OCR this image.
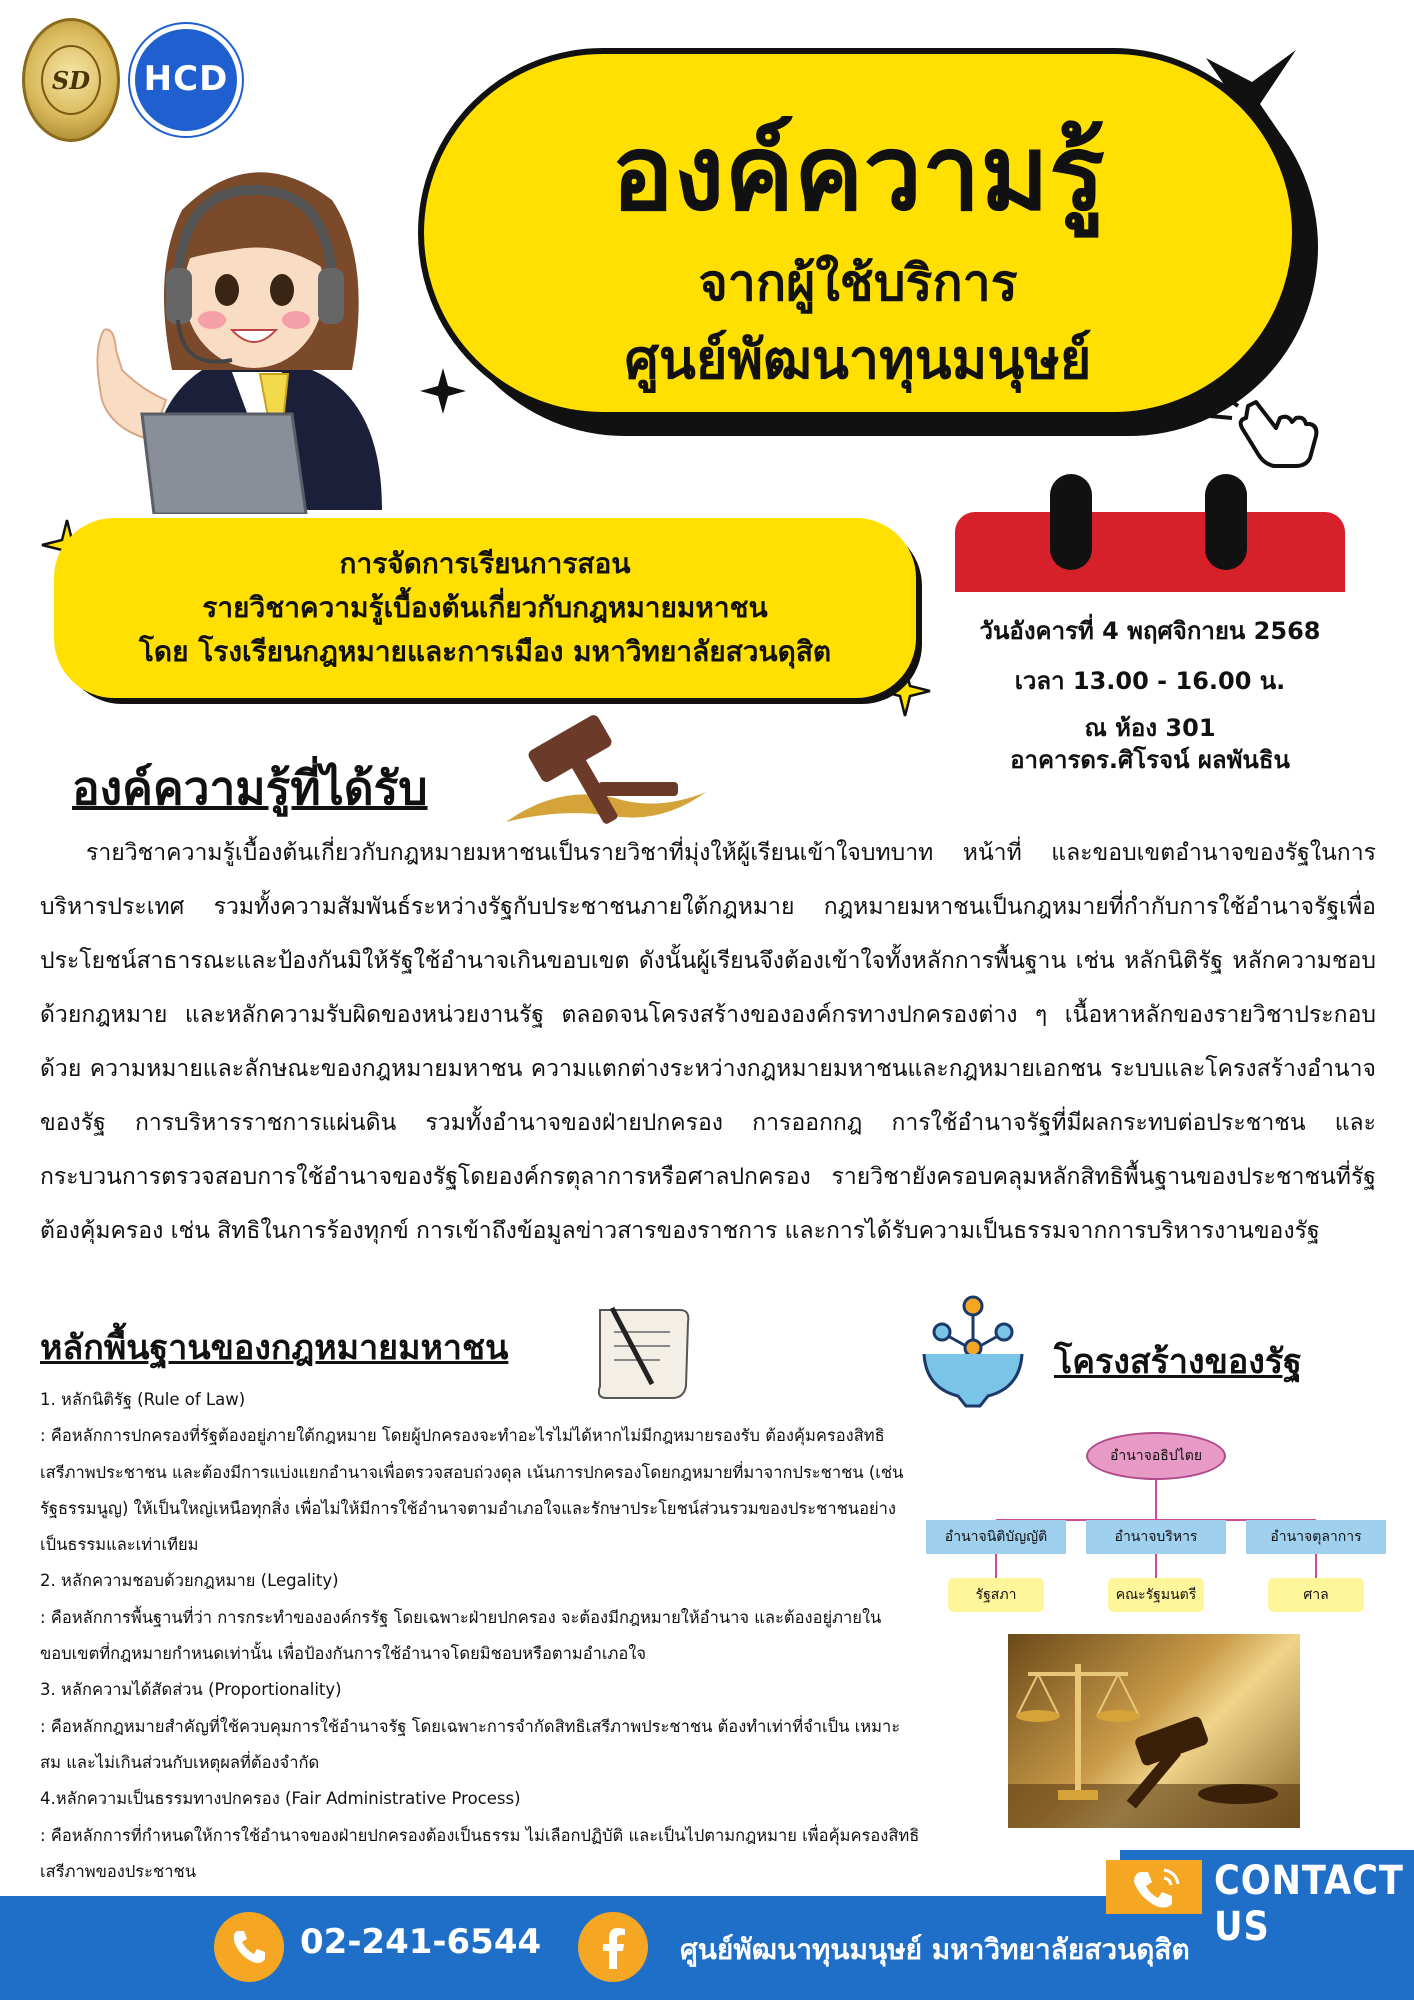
SD	HCD
องค์ความรู้
จากผู้ใช้บริการ
ศูนย์พัฒนาทุนมนุษย์
การจัดการเรียนการสอน
รายวิชาความรู้เบื้องต้นเกี่ยวกับกฎหมายมหาชน
โดย โรงเรียนกฎหมายและการเมือง มหาวิทยาลัยสวนดุสิต
วันอังคารที่ 4 พฤศจิกายน 2568
เวลา 13.00 - 16.00 น.
ณ ห้อง 301
อาคารดร.ศิโรจน์ ผลพันธิน
องค์ความรู้ที่ได้รับ
รายวิชาความรู้เบื้องต้นเกี่ยวกับกฎหมายมหาชนเป็นรายวิชาที่มุ่งให้ผู้เรียนเข้าใจบทบาท หน้าที่ และขอบเขตอำนาจของรัฐในการบริหารประเทศ รวมทั้งความสัมพันธ์ระหว่างรัฐกับประชาชนภายใต้กฎหมาย กฎหมายมหาชนเป็นกฎหมายที่กำกับการใช้อำนาจรัฐเพื่อประโยชน์สาธารณะและป้องกันมิให้รัฐใช้อำนาจเกินขอบเขต ดังนั้นผู้เรียนจึงต้องเข้าใจทั้งหลักการพื้นฐาน เช่น หลักนิติรัฐ หลักความชอบด้วยกฎหมาย และหลักความรับผิดของหน่วยงานรัฐ ตลอดจนโครงสร้างขององค์กรทางปกครองต่าง ๆ เนื้อหาหลักของรายวิชาประกอบด้วย ความหมายและลักษณะของกฎหมายมหาชน ความแตกต่างระหว่างกฎหมายมหาชนและกฎหมายเอกชน ระบบและโครงสร้างอำนาจของรัฐ การบริหารราชการแผ่นดิน รวมทั้งอำนาจของฝ่ายปกครอง การออกกฎ การใช้อำนาจรัฐที่มีผลกระทบต่อประชาชน และกระบวนการตรวจสอบการใช้อำนาจของรัฐโดยองค์กรตุลาการหรือศาลปกครอง รายวิชายังครอบคลุมหลักสิทธิพื้นฐานของประชาชนที่รัฐต้องคุ้มครอง เช่น สิทธิในการร้องทุกข์ การเข้าถึงข้อมูลข่าวสารของราชการ และการได้รับความเป็นธรรมจากการบริหารงานของรัฐ
หลักพื้นฐานของกฎหมายมหาชน
1. หลักนิติรัฐ (Rule of Law)
: คือหลักการปกครองที่รัฐต้องอยู่ภายใต้กฎหมาย โดยผู้ปกครองจะทำอะไรไม่ได้หากไม่มีกฎหมายรองรับ ต้องคุ้มครองสิทธิเสรีภาพประชาชน และต้องมีการแบ่งแยกอำนาจเพื่อตรวจสอบถ่วงดุล เน้นการปกครองโดยกฎหมายที่มาจากประชาชน (เช่น รัฐธรรมนูญ) ให้เป็นใหญ่เหนือทุกสิ่ง เพื่อไม่ให้มีการใช้อำนาจตามอำเภอใจและรักษาประโยชน์ส่วนรวมของประชาชนอย่างเป็นธรรมและเท่าเทียม
2. หลักความชอบด้วยกฎหมาย (Legality)
: คือหลักการพื้นฐานที่ว่า การกระทำขององค์กรรัฐ โดยเฉพาะฝ่ายปกครอง จะต้องมีกฎหมายให้อำนาจ และต้องอยู่ภายในขอบเขตที่กฎหมายกำหนดเท่านั้น เพื่อป้องกันการใช้อำนาจโดยมิชอบหรือตามอำเภอใจ
3. หลักความได้สัดส่วน (Proportionality)
: คือหลักกฎหมายสำคัญที่ใช้ควบคุมการใช้อำนาจรัฐ โดยเฉพาะการจำกัดสิทธิเสรีภาพประชาชน ต้องทำเท่าที่จำเป็น เหมาะสม และไม่เกินส่วนกับเหตุผลที่ต้องจำกัด
4.หลักความเป็นธรรมทางปกครอง (Fair Administrative Process)
: คือหลักการที่กำหนดให้การใช้อำนาจของฝ่ายปกครองต้องเป็นธรรม ไม่เลือกปฏิบัติ และเป็นไปตามกฎหมาย เพื่อคุ้มครองสิทธิเสรีภาพของประชาชน
โครงสร้างของรัฐ
อำนาจอธิปไตย
อำนาจนิติบัญญัติ	อำนาจบริหาร	อำนาจตุลาการ
รัฐสภา	คณะรัฐมนตรี	ศาล
CONTACT US
02-241-6544	ศูนย์พัฒนาทุนมนุษย์ มหาวิทยาลัยสวนดุสิต
